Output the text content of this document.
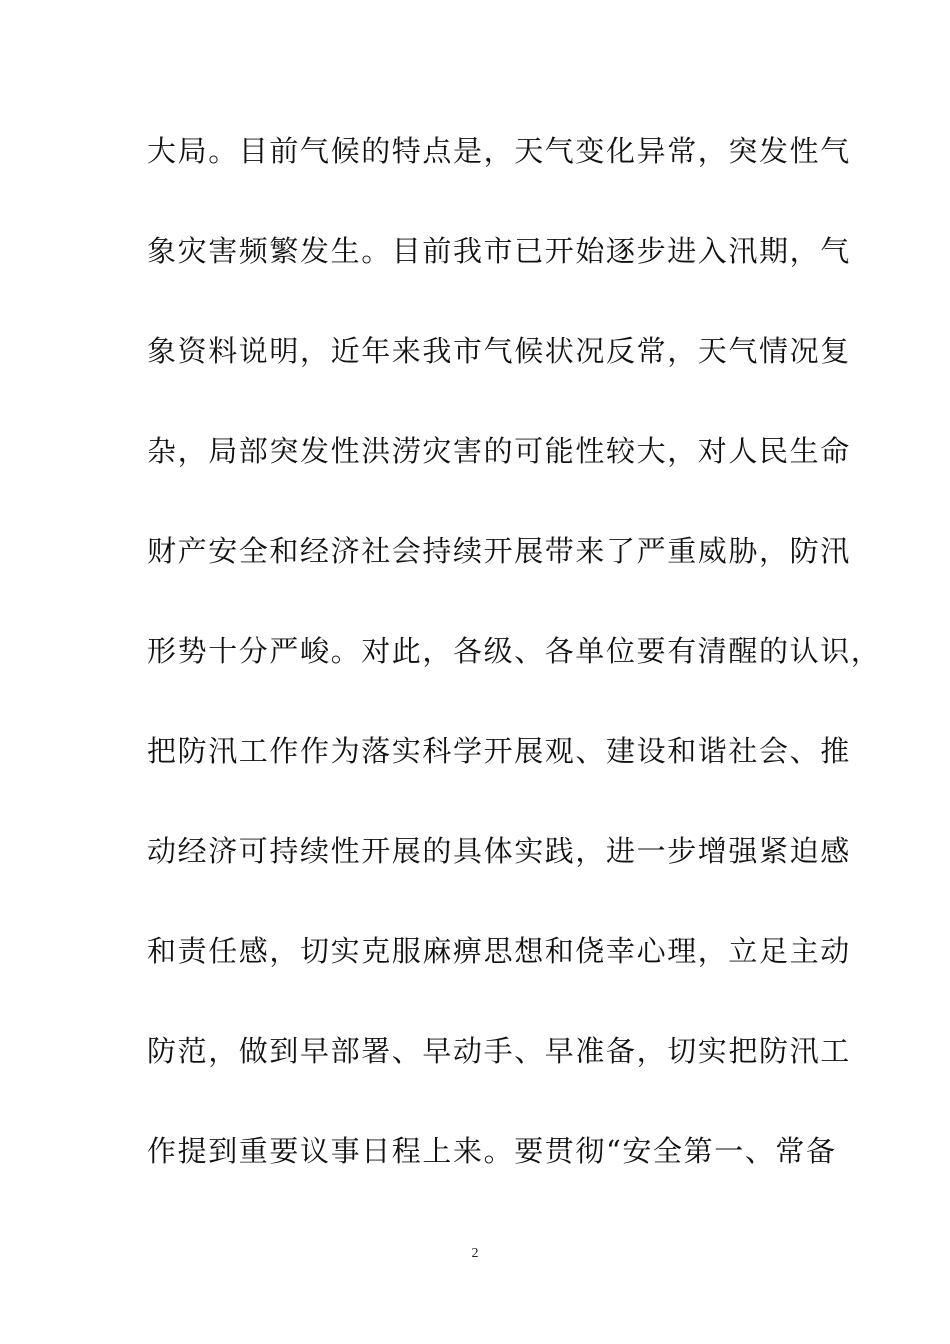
大局。目前气候的特点是，天气变化异常，突发性气
象灾害频繁发生。目前我市已开始逐步进入汛期，气
象资料说明，近年来我市气候状况反常，天气情况复
杂，局部突发性洪涝灾害的可能性较大，对人民生命
财产安全和经济社会持续开展带来了严重威胁，防汛
形势十分严峻。对此，各级、各单位要有清醒的认识，
把防汛工作作为落实科学开展观、建设和谐社会、推
动经济可持续性开展的具体实践，进一步增强紧迫感
和责任感，切实克服麻痹思想和侥幸心理，立足主动
防范，做到早部署、早动手、早准备，切实把防汛工
作提到重要议事日程上来。要贯彻“安全第一、常备
2
